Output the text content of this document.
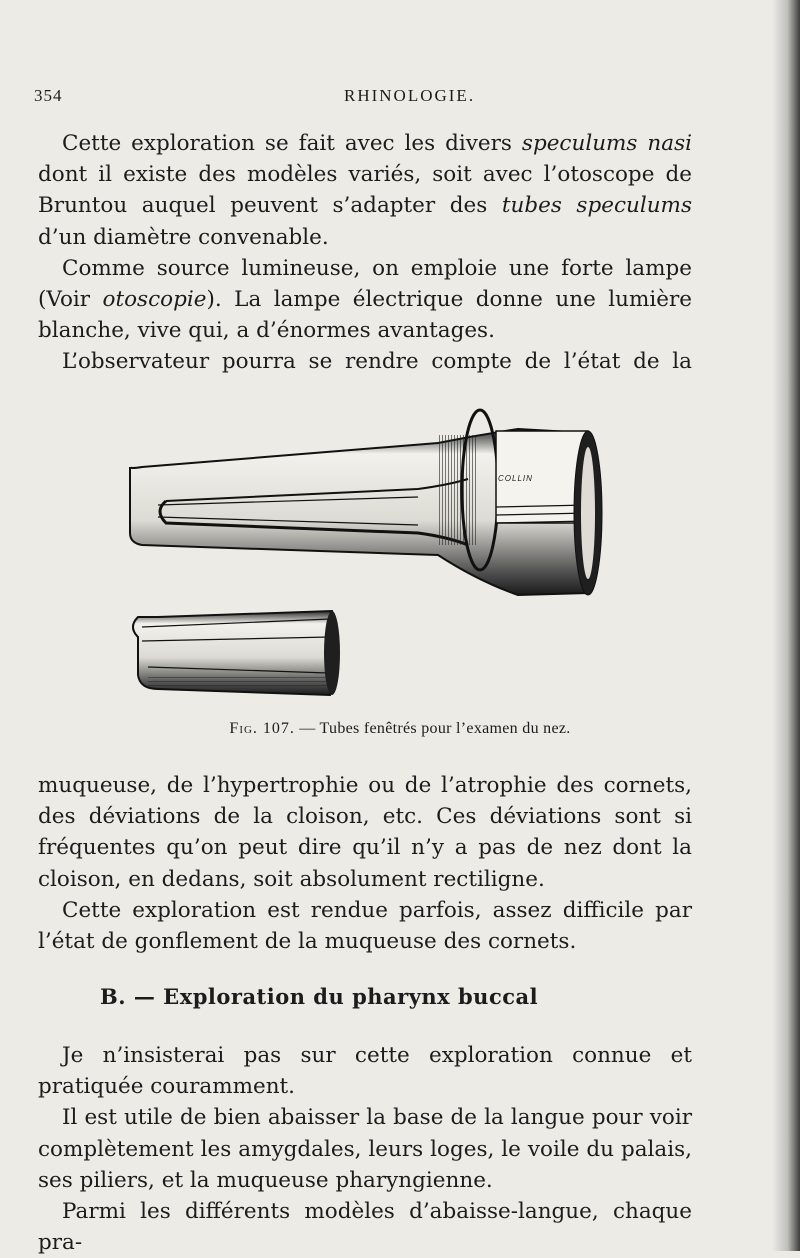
354	RHINOLOGIE.

Cette exploration se fait avec les divers speculums nasi dont il existe des modèles variés, soit avec l’otoscope de Bruntou auquel peuvent s’adapter des tubes speculums d’un diamètre convenable.

Comme source lumineuse, on emploie une forte lampe (Voir otoscopie). La lampe électrique donne une lumière blanche, vive qui, a d’énormes avantages.

L’observateur pourra se rendre compte de l’état de la

COLLIN
Fig. 107. — Tubes fenêtrés pour l’examen du nez.

muqueuse, de l’hypertrophie ou de l’atrophie des cornets, des déviations de la cloison, etc. Ces déviations sont si fréquentes qu’on peut dire qu’il n’y a pas de nez dont la cloison, en dedans, soit absolument rectiligne.

Cette exploration est rendue parfois, assez difficile par l’état de gonflement de la muqueuse des cornets.

B. — Exploration du pharynx buccal

Je n’insisterai pas sur cette exploration connue et pratiquée couramment.

Il est utile de bien abaisser la base de la langue pour voir complètement les amygdales, leurs loges, le voile du palais, ses piliers, et la muqueuse pharyngienne.

Parmi les différents modèles d’abaisse-langue, chaque pra-
